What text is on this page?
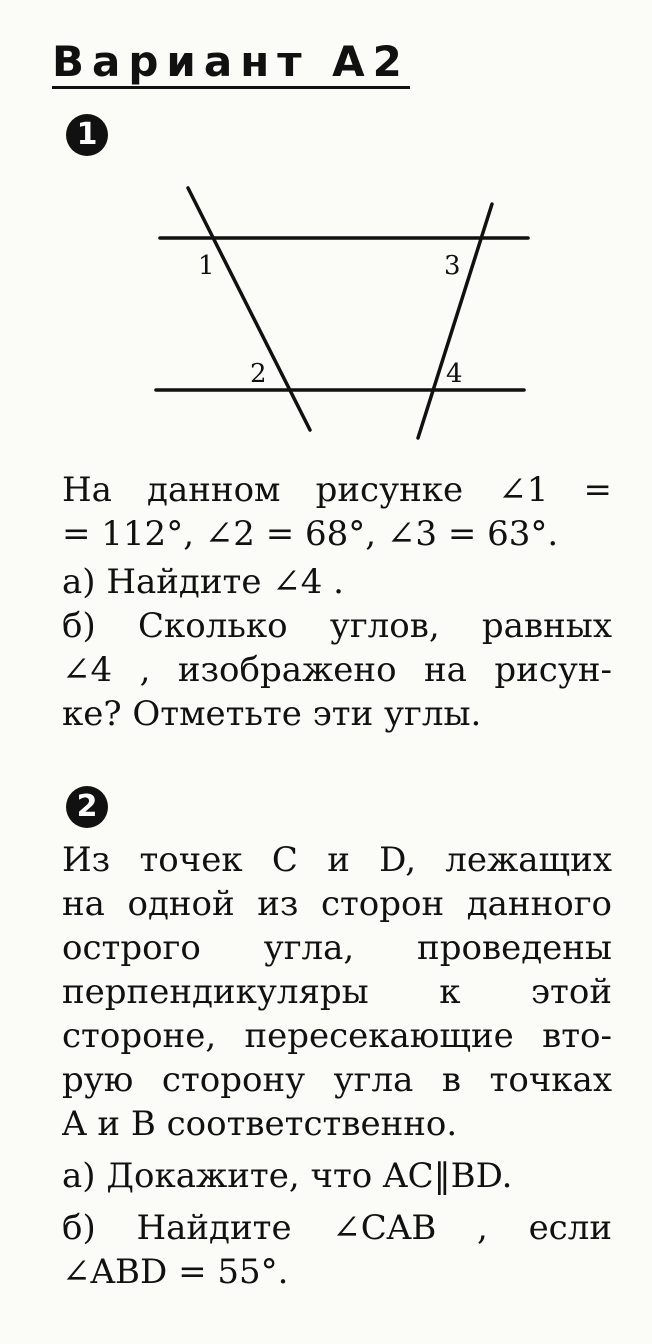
Вариант А2
1
1
2
3
4
На данном рисунке ∠1 =
= 112°, ∠2 = 68°, ∠3 = 63°.
а) Найдите ∠4 .
б) Сколько углов, равных
∠4 , изображено на рисун-
ке? Отметьте эти углы.
2
Из точек C и D, лежащих
на одной из сторон данного
острого угла, проведены
перпендикуляры к этой
стороне, пересекающие вто-
рую сторону угла в точках
A и B соответственно.
а) Докажите, что AC‖BD.
б) Найдите ∠CAB , если
∠ABD = 55°.
